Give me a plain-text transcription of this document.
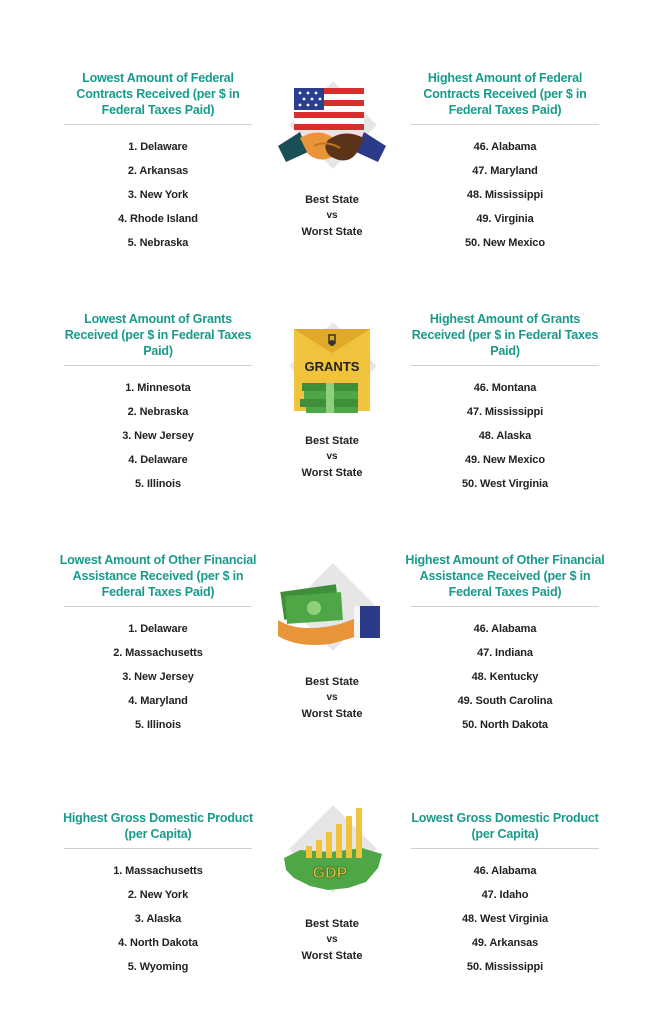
Lowest Amount of Federal Contracts Received (per $ in Federal Taxes Paid)
1. Delaware
2. Arkansas
3. New York
4. Rhode Island
5. Nebraska
Best State
vs
Worst State
Highest Amount of Federal Contracts Received (per $ in Federal Taxes Paid)
46. Alabama
47. Maryland
48. Mississippi
49. Virginia
50. New Mexico
Lowest Amount of Grants Received (per $ in Federal Taxes Paid)
1. Minnesota
2. Nebraska
3. New Jersey
4. Delaware
5. Illinois
GRANTS
Best State
vs
Worst State
Highest Amount of Grants Received (per $ in Federal Taxes Paid)
46. Montana
47. Mississippi
48. Alaska
49. New Mexico
50. West Virginia
Lowest Amount of Other Financial Assistance Received (per $ in Federal Taxes Paid)
1. Delaware
2. Massachusetts
3. New Jersey
4. Maryland
5. Illinois
Best State
vs
Worst State
Highest Amount of Other Financial Assistance Received (per $ in Federal Taxes Paid)
46. Alabama
47. Indiana
48. Kentucky
49. South Carolina
50. North Dakota
Highest Gross Domestic Product (per Capita)
1. Massachusetts
2. New York
3. Alaska
4. North Dakota
5. Wyoming
GDP
Best State
vs
Worst State
Lowest Gross Domestic Product (per Capita)
46. Alabama
47. Idaho
48. West Virginia
49. Arkansas
50. Mississippi
